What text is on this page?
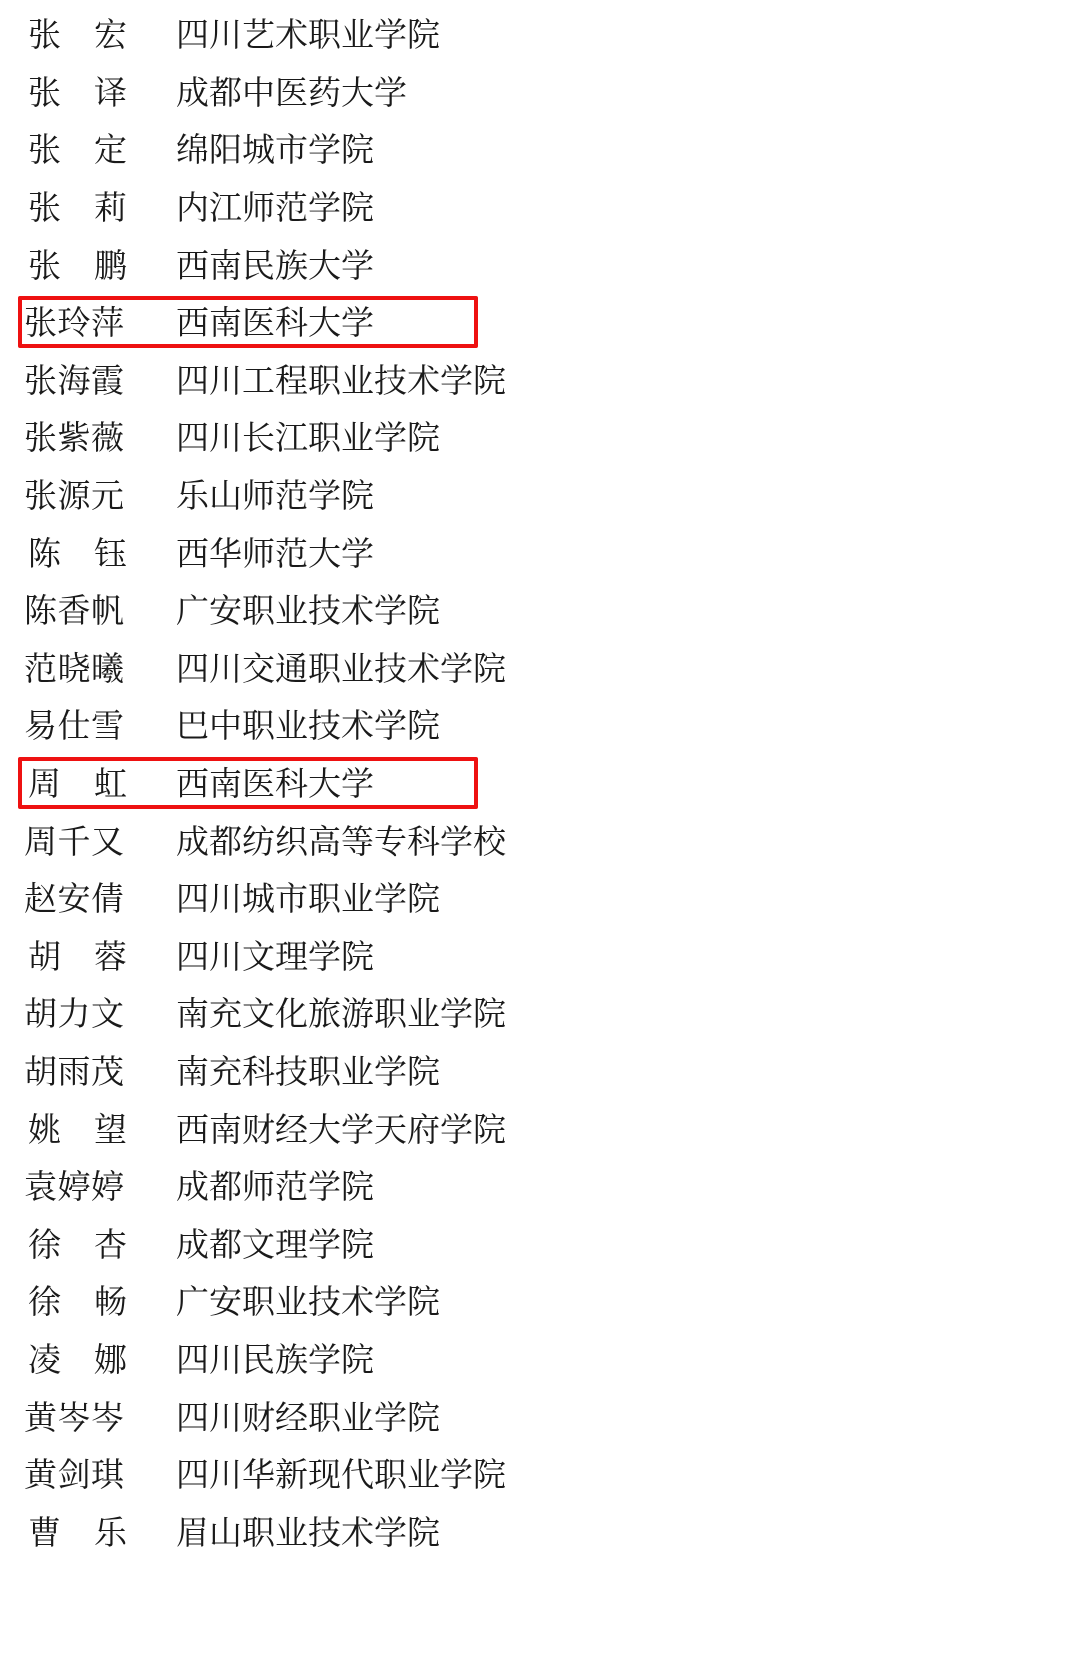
张　宏	四川艺术职业学院
张　译	成都中医药大学
张　定	绵阳城市学院
张　莉	内江师范学院
张　鹏	西南民族大学
张玲萍	西南医科大学
张海霞	四川工程职业技术学院
张紫薇	四川长江职业学院
张源元	乐山师范学院
陈　钰	西华师范大学
陈香帆	广安职业技术学院
范晓曦	四川交通职业技术学院
易仕雪	巴中职业技术学院
周　虹	西南医科大学
周千又	成都纺织高等专科学校
赵安倩	四川城市职业学院
胡　蓉	四川文理学院
胡力文	南充文化旅游职业学院
胡雨茂	南充科技职业学院
姚　望	西南财经大学天府学院
袁婷婷	成都师范学院
徐　杏	成都文理学院
徐　畅	广安职业技术学院
凌　娜	四川民族学院
黄岑岑	四川财经职业学院
黄剑琪	四川华新现代职业学院
曹　乐	眉山职业技术学院
